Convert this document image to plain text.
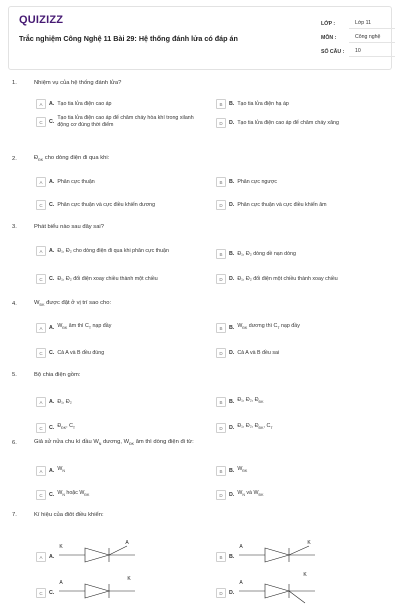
QUIZIZZ
Trắc nghiệm Công Nghệ 11 Bài 29: Hệ thống đánh lửa có đáp án
LỚP :	Lớp 11
MÔN :	Công nghệ
SỐ CÂU :	10
1.	Nhiệm vụ của hệ thống đánh lửa?
A	A. Tạo tia lửa điện cao áp	B	B. Tạo tia lửa điện hạ áp
C	C.
Tạo tia lửa điện cao áp để châm cháy hòa khí trong xilanh động cơ đúng thời điểm	D	D. Tạo tia lửa điện cao áp để châm cháy xăng
2.	$Đ_{ĐK}$ cho dòng điện đi qua khi:
A	A. Phân cực thuận	B	B. Phân cực ngược
C	C. Phân cực thuận và cực điều khiển dương	D	D. Phân cực thuận và cực điều khiển âm
3.	Phát biểu nào sau đây sai?
A	A. Đ₁, Đ₂ cho dòng điện đi qua khi phân cực thuận
B	B. Đ₁, Đ₂ dòng dề nạn dòng
C	C. Đ₁, Đ₂ đổi điện xoay chiều thành một chiều	D	D. Đ₁, Đ₂ đổi điện một chiều thành xoay chiều
4.	$W_{ĐK}$ được đặt ở vị trí sao cho:
A	A. $W_{ĐK}$ âm thì $C_T$ nạp đầy	B	B. $W_{ĐK}$ dương thì $C_T$ nạp đầy
C	C. Cả A và B đều đúng	D	D. Cả A và B đều sai
5.	Bộ chia điện gồm:
A	A. Đ₁, Đ₂	B	B. Đ₁, Đ₂, $Đ_{ĐK}$
C	C. $Đ_{ĐK}$, $C_T$	D	D. Đ₁, Đ₂, $Đ_{ĐK}$, $C_T$
6.	Giả sử nửa chu kì đầu $W_N$ dương, $W_{ĐK}$ âm thì dòng điện đi từ:
A	A. $W_N$	B	B. $W_{ĐK}$
C	C. $W_N$ hoặc $W_{ĐK}$	D	D. $W_N$ và $W_{ĐK}$
7.	Kí hiệu của điôt điều khiển:
A	A.
K
A
B	B.
A
K
C	C.
A
K
D	D.
A
K
